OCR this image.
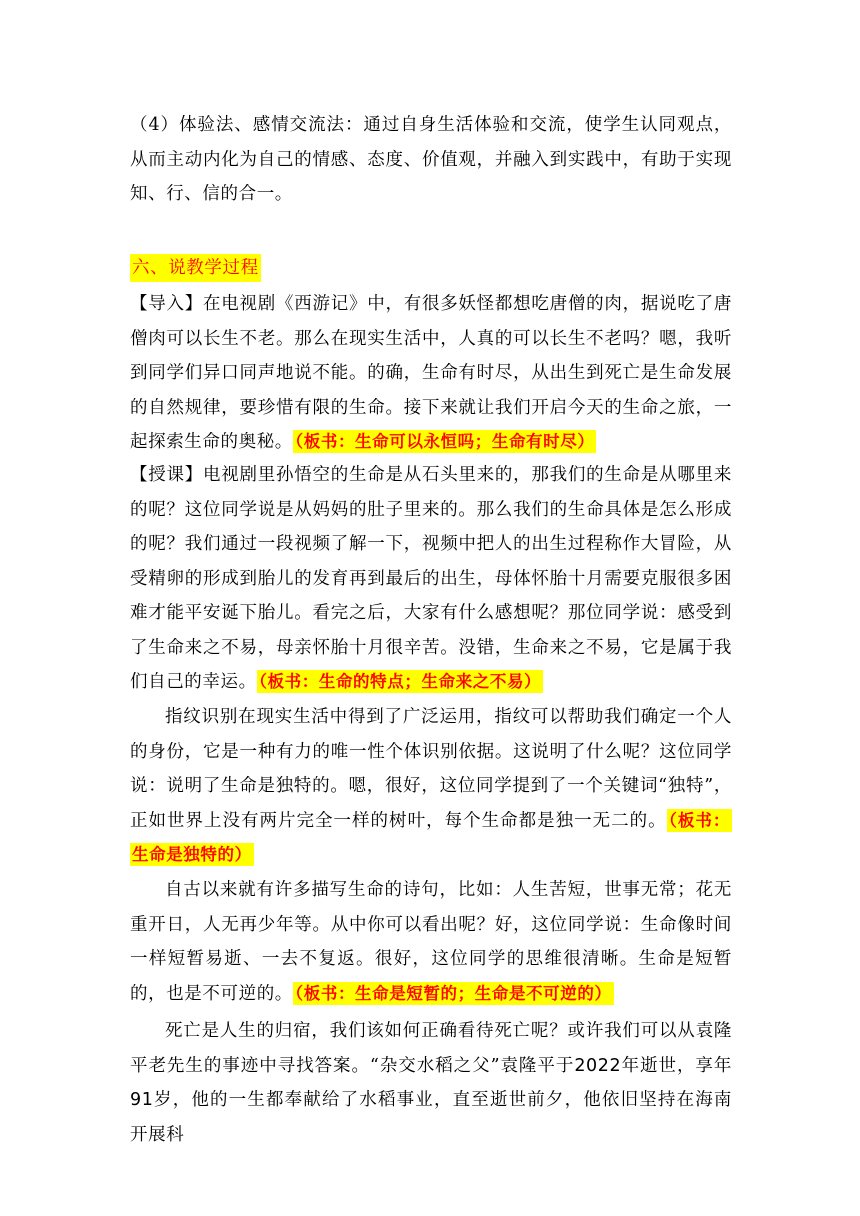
（4）体验法、感情交流法：通过自身生活体验和交流，使学生认同观点，从而主动内化为自己的情感、态度、价值观，并融入到实践中，有助于实现知、行、信的合一。

六、说教学过程

【导入】在电视剧《西游记》中，有很多妖怪都想吃唐僧的肉，据说吃了唐僧肉可以长生不老。那么在现实生活中，人真的可以长生不老吗？嗯，我听到同学们异口同声地说不能。的确，生命有时尽，从出生到死亡是生命发展的自然规律，要珍惜有限的生命。接下来就让我们开启今天的生命之旅，一起探索生命的奥秘。 （板书：生命可以永恒吗；生命有时尽）

【授课】电视剧里孙悟空的生命是从石头里来的，那我们的生命是从哪里来的呢？这位同学说是从妈妈的肚子里来的。那么我们的生命具体是怎么形成的呢？我们通过一段视频了解一下，视频中把人的出生过程称作大冒险，从受精卵的形成到胎儿的发育再到最后的出生，母体怀胎十月需要克服很多困难才能平安诞下胎儿。看完之后，大家有什么感想呢？那位同学说：感受到了生命来之不易，母亲怀胎十月很辛苦。没错，生命来之不易，它是属于我们自己的幸运。 （板书：生命的特点；生命来之不易）

指纹识别在现实生活中得到了广泛运用，指纹可以帮助我们确定一个人的身份，它是一种有力的唯一性个体识别依据。这说明了什么呢？这位同学说：说明了生命是独特的。嗯，很好，这位同学提到了一个关键词“独特”，正如世界上没有两片完全一样的树叶，每个生命都是独一无二的。 （板书：生命是独特的）

自古以来就有许多描写生命的诗句，比如：人生苦短，世事无常；花无重开日，人无再少年等。从中你可以看出呢？好，这位同学说：生命像时间一样短暂易逝、一去不复返。很好，这位同学的思维很清晰。生命是短暂的，也是不可逆的。 （板书：生命是短暂的；生命是不可逆的）

死亡是人生的归宿，我们该如何正确看待死亡呢？或许我们可以从袁隆平老先生的事迹中寻找答案。“杂交水稻之父”袁隆平于2022年逝世，享年91岁，他的一生都奉献给了水稻事业，直至逝世前夕，他依旧坚持在海南开展科
